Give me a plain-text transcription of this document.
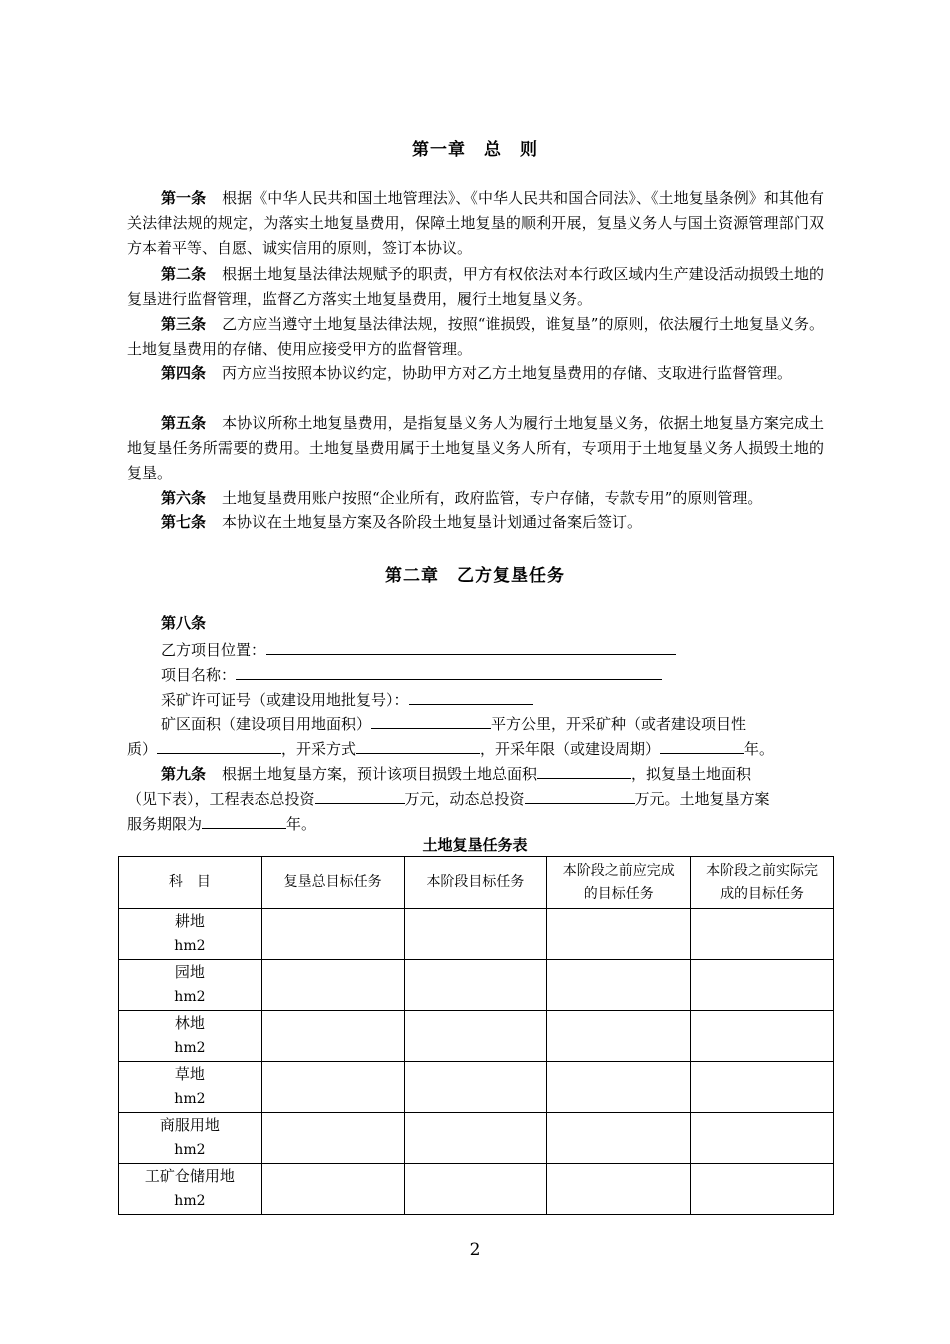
第一章　总　则
第一条 根据《中华人民共和国土地管理法》、《中华人民共和国合同法》、《土地复垦条例》和其他有关法律法规的规定，为落实土地复垦费用，保障土地复垦的顺利开展，复垦义务人与国土资源管理部门双方本着平等、自愿、诚实信用的原则，签订本协议。
第二条 根据土地复垦法律法规赋予的职责，甲方有权依法对本行政区域内生产建设活动损毁土地的复垦进行监督管理，监督乙方落实土地复垦费用，履行土地复垦义务。
第三条 乙方应当遵守土地复垦法律法规，按照“谁损毁，谁复垦”的原则，依法履行土地复垦义务。土地复垦费用的存储、使用应接受甲方的监督管理。
第四条 丙方应当按照本协议约定，协助甲方对乙方土地复垦费用的存储、支取进行监督管理。
第五条 本协议所称土地复垦费用，是指复垦义务人为履行土地复垦义务，依据土地复垦方案完成土地复垦任务所需要的费用。土地复垦费用属于土地复垦义务人所有，专项用于土地复垦义务人损毁土地的复垦。
第六条 土地复垦费用账户按照“企业所有，政府监管，专户存储，专款专用”的原则管理。
第七条 本协议在土地复垦方案及各阶段土地复垦计划通过备案后签订。
第二章　乙方复垦任务
第八条
乙方项目位置：
项目名称：
采矿许可证号（或建设用地批复号）：
矿区面积（建设项目用地面积）	平方公里，开采矿种（或者建设项目性
质）	，开采方式	，开采年限（或建设周期）	年。
第九条 根据土地复垦方案，预计该项目损毁土地总面积	，拟复垦土地面积
（见下表），工程表态总投资	万元，动态总投资	万元。土地复垦方案
服务期限为	年。
土地复垦任务表
科　目	复垦总目标任务	本阶段目标任务	本阶段之前应完成的目标任务	本阶段之前实际完成的目标任务

耕地
hm2				

园地
hm2				

林地
hm2				

草地
hm2				

商服用地
hm2				

工矿仓储用地
hm2				

2
